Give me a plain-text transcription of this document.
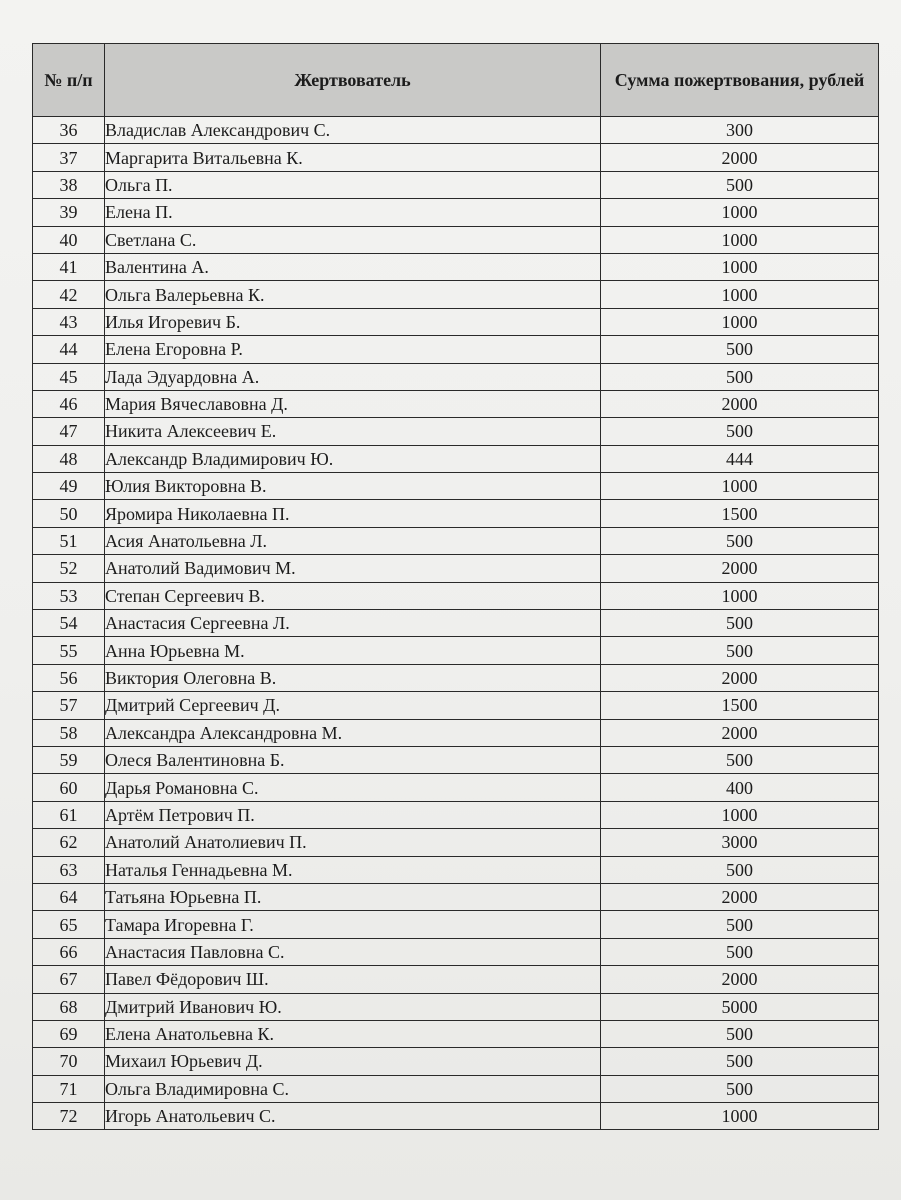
№ п/п	Жертвователь	Сумма пожертвования, рублей
36	Владислав Александрович С.	300
37	Маргарита Витальевна К.	2000
38	Ольга П.	500
39	Елена П.	1000
40	Светлана С.	1000
41	Валентина А.	1000
42	Ольга Валерьевна К.	1000
43	Илья Игоревич Б.	1000
44	Елена Егоровна Р.	500
45	Лада Эдуардовна А.	500
46	Мария Вячеславовна Д.	2000
47	Никита Алексеевич Е.	500
48	Александр Владимирович Ю.	444
49	Юлия Викторовна В.	1000
50	Яромира Николаевна П.	1500
51	Асия Анатольевна Л.	500
52	Анатолий Вадимович М.	2000
53	Степан Сергеевич В.	1000
54	Анастасия Сергеевна Л.	500
55	Анна Юрьевна М.	500
56	Виктория Олеговна В.	2000
57	Дмитрий Сергеевич Д.	1500
58	Александра Александровна М.	2000
59	Олеся Валентиновна Б.	500
60	Дарья Романовна С.	400
61	Артём Петрович П.	1000
62	Анатолий Анатолиевич П.	3000
63	Наталья Геннадьевна М.	500
64	Татьяна Юрьевна П.	2000
65	Тамара Игоревна Г.	500
66	Анастасия Павловна С.	500
67	Павел Фёдорович Ш.	2000
68	Дмитрий Иванович Ю.	5000
69	Елена Анатольевна К.	500
70	Михаил Юрьевич Д.	500
71	Ольга Владимировна С.	500
72	Игорь Анатольевич С.	1000
